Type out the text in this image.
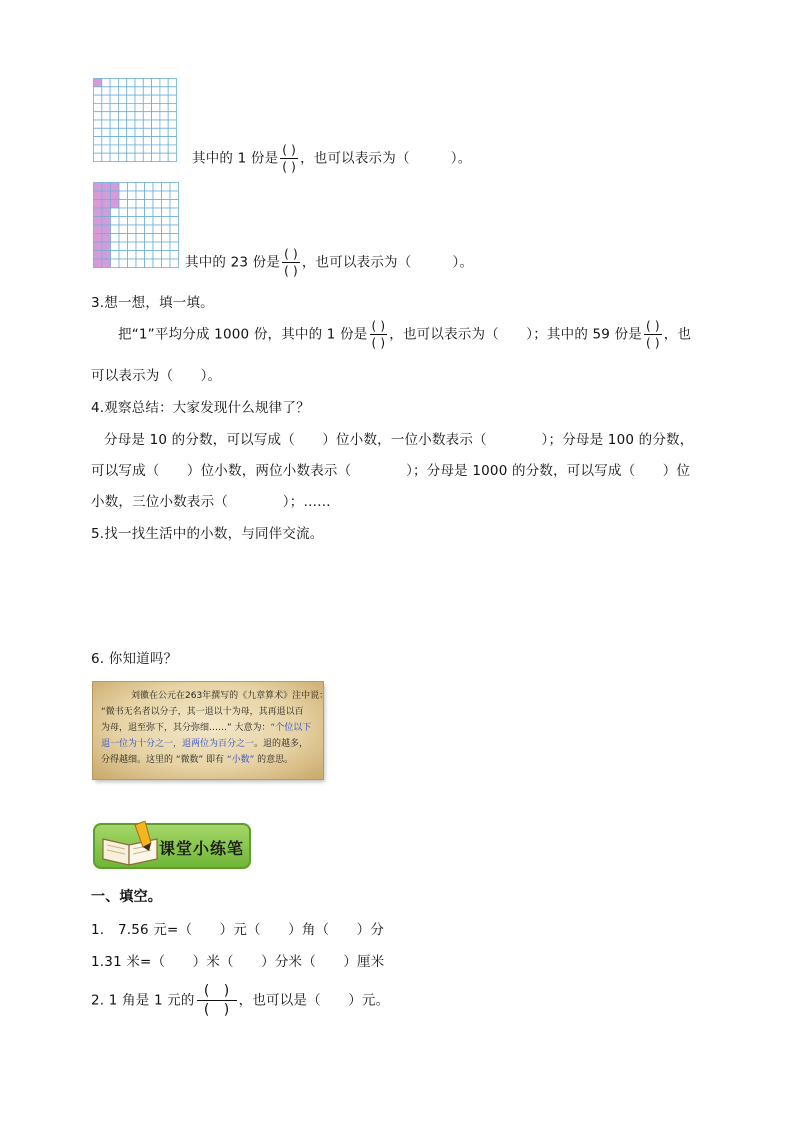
其中的 1 份是 $\frac{( )}{( )}$ ，也可以表示为（　　　）。
其中的 23 份是 $\frac{( )}{( )}$ ，也可以表示为（　　　）。
3.想一想，填一填。
把“1”平均分成 1000 份，其中的 1 份是 $\frac{( )}{( )}$ ，也可以表示为（　　）；其中的 59 份是 $\frac{( )}{( )}$ ，也
可以表示为（　　）。
4.观察总结：大家发现什么规律了？
分母是 10 的分数，可以写成（　　）位小数，一位小数表示（　　　　）；分母是 100 的分数，
可以写成（　　）位小数，两位小数表示（　　　　）；分母是 1000 的分数，可以写成（　　）位
小数，三位小数表示（　　　　）；……
5.找一找生活中的小数，与同伴交流。
6. 你知道吗？

刘徽在公元在263年撰写的《九章算术》注中说：

“微书无名者以分子，其一退以十为母，其再退以百

为母，退至弥下，其分弥细……” 大意为：“个位以下

退一位为十分之一，退两位为百分之一。退的越多，

分得越细。这里的 “微数” 即有 “小数” 的意思。

课堂小练笔
一、填空。
1.　7.56 元=（　　）元（　　）角（　　）分
1.31 米=（　　）米（　　）分米（　　）厘米
2. 1 角是 1 元的 $\frac{( )}{( )}$ ，也可以是（　　）元。
